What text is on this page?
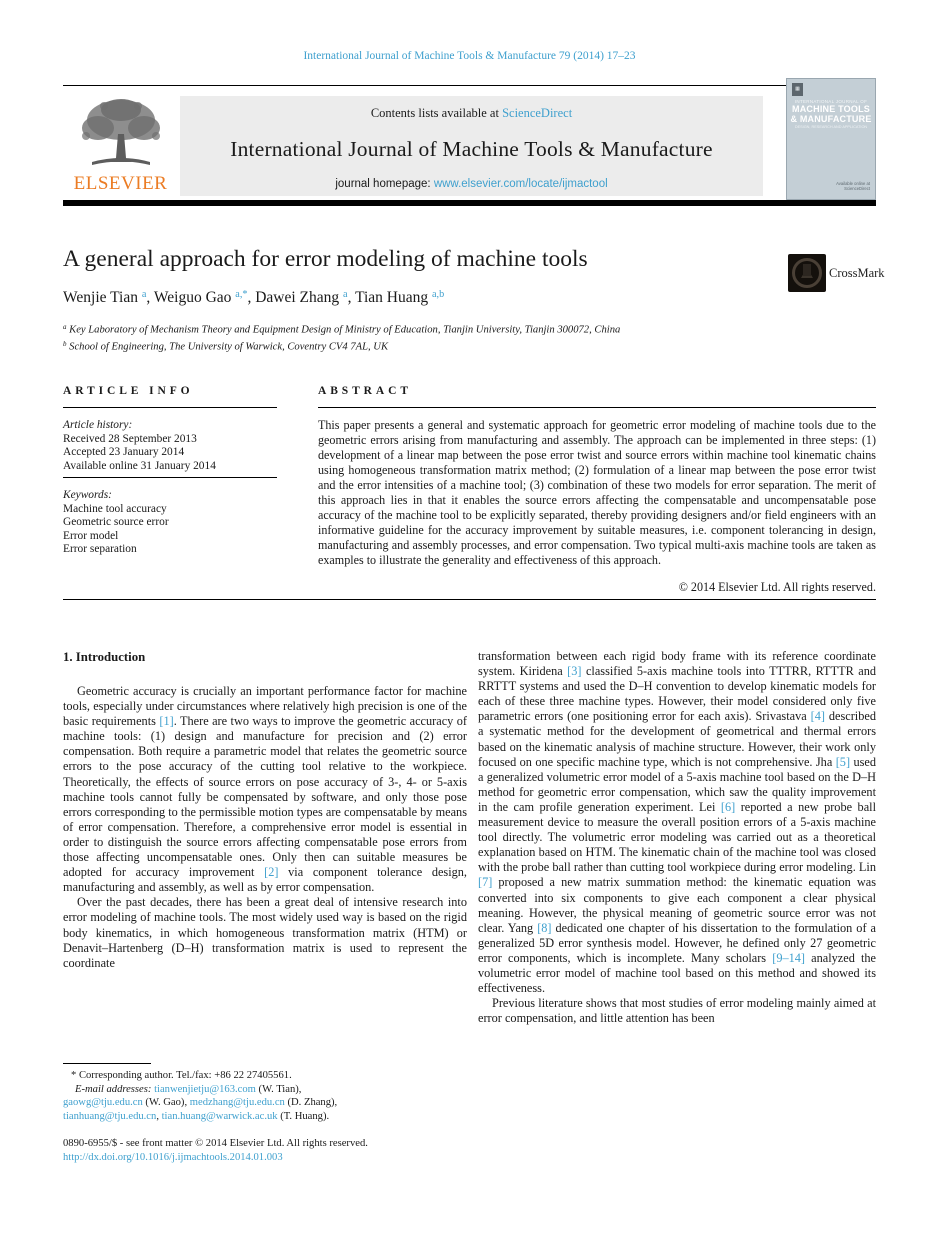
International Journal of Machine Tools & Manufacture 79 (2014) 17–23
ELSEVIER
Contents lists available at ScienceDirect
International Journal of Machine Tools & Manufacture
journal homepage: www.elsevier.com/locate/ijmactool
▦
INTERNATIONAL JOURNAL OF
MACHINE TOOLS
& MANUFACTURE
DESIGN, RESEARCH AND APPLICATION
Available online at
ScienceDirect
A general approach for error modeling of machine tools
CrossMark
Wenjie Tian $^a$, Weiguo Gao $^{a,*}$, Dawei Zhang $^a$, Tian Huang $^{a,b}$
$^a$ Key Laboratory of Mechanism Theory and Equipment Design of Ministry of Education, Tianjin University, Tianjin 300072, China
$^b$ School of Engineering, The University of Warwick, Coventry CV4 7AL, UK
ARTICLE INFO	ABSTRACT
Article history:
Received 28 September 2013
Accepted 23 January 2014
Available online 31 January 2014
Keywords:
Machine tool accuracy
Geometric source error
Error model
Error separation
This paper presents a general and systematic approach for geometric error modeling of machine tools due to the geometric errors arising from manufacturing and assembly. The approach can be implemented in three steps: (1) development of a linear map between the pose error twist and source errors within machine tool kinematic chains using homogeneous transformation matrix method; (2) formulation of a linear map between the pose error twist and the error intensities of a machine tool; (3) combination of these two models for error separation. The merit of this approach lies in that it enables the source errors affecting the compensatable and uncompensatable pose accuracy of the machine tool to be explicitly separated, thereby providing designers and/or field engineers with an informative guideline for the accuracy improvement by suitable measures, i.e. component tolerancing in design, manufacturing and assembly processes, and error compensation. Two typical multi-axis machine tools are taken as examples to illustrate the generality and effectiveness of this approach.
© 2014 Elsevier Ltd. All rights reserved.
1. Introduction

Geometric accuracy is crucially an important performance factor for machine tools, especially under circumstances where relatively high precision is one of the basic requirements [1]. There are two ways to improve the geometric accuracy of machine tools: (1) design and manufacture for precision and (2) error compensation. Both require a parametric model that relates the geometric source errors to the pose accuracy of the cutting tool relative to the workpiece. Theoretically, the effects of source errors on pose accuracy of 3-, 4- or 5-axis machine tools cannot fully be compensated by software, and only those pose errors corresponding to the permissible motion types are compensatable by means of error compensation. Therefore, a comprehensive error model is essential in order to distinguish the source errors affecting compensatable pose errors from those affecting uncompensatable ones. Only then can suitable measures be adopted for accuracy improvement [2] via component tolerance design, manufacturing and assembly, as well as by error compensation.

Over the past decades, there has been a great deal of intensive research into error modeling of machine tools. The most widely used way is based on the rigid body kinematics, in which homogeneous transformation matrix (HTM) or Denavit–Hartenberg (D–H) transformation matrix is used to represent the coordinate

transformation between each rigid body frame with its reference coordinate system. Kiridena [3] classified 5-axis machine tools into TTTRR, RTTTR and RRTTT systems and used the D–H convention to develop kinematic models for each of these three machine types. However, their model considered only five parametric errors (one positioning error for each axis). Srivastava [4] described a systematic method for the development of geometrical and thermal errors based on the kinematic analysis of machine structure. However, their work only focused on one specific machine type, which is not comprehensive. Jha [5] used a generalized volumetric error model of a 5-axis machine tool based on the D–H method for geometric error compensation, which saw the quality improvement in the cam profile generation experiment. Lei [6] reported a new probe ball measurement device to measure the overall position errors of a 5-axis machine tool directly. The volumetric error modeling was carried out as a theoretical explanation based on HTM. The kinematic chain of the machine tool was closed with the probe ball rather than cutting tool workpiece during error modeling. Lin [7] proposed a new matrix summation method: the kinematic equation was converted into six components to give each component a clear physical meaning. However, the physical meaning of geometric source error was not clear. Yang [8] dedicated one chapter of his dissertation to the formulation of a generalized 5D error synthesis model. However, he defined only 27 geometric error components, which is incomplete. Many scholars [9–14] analyzed the volumetric error model of machine tool based on this method and showed its effectiveness.

Previous literature shows that most studies of error modeling mainly aimed at error compensation, and little attention has been

* Corresponding author. Tel./fax: +86 22 27405561.
E-mail addresses: tianwenjietju@163.com (W. Tian),
gaowg@tju.edu.cn (W. Gao), medzhang@tju.edu.cn (D. Zhang),
tianhuang@tju.edu.cn, tian.huang@warwick.ac.uk (T. Huang).
0890-6955/$ - see front matter © 2014 Elsevier Ltd. All rights reserved.
http://dx.doi.org/10.1016/j.ijmachtools.2014.01.003
